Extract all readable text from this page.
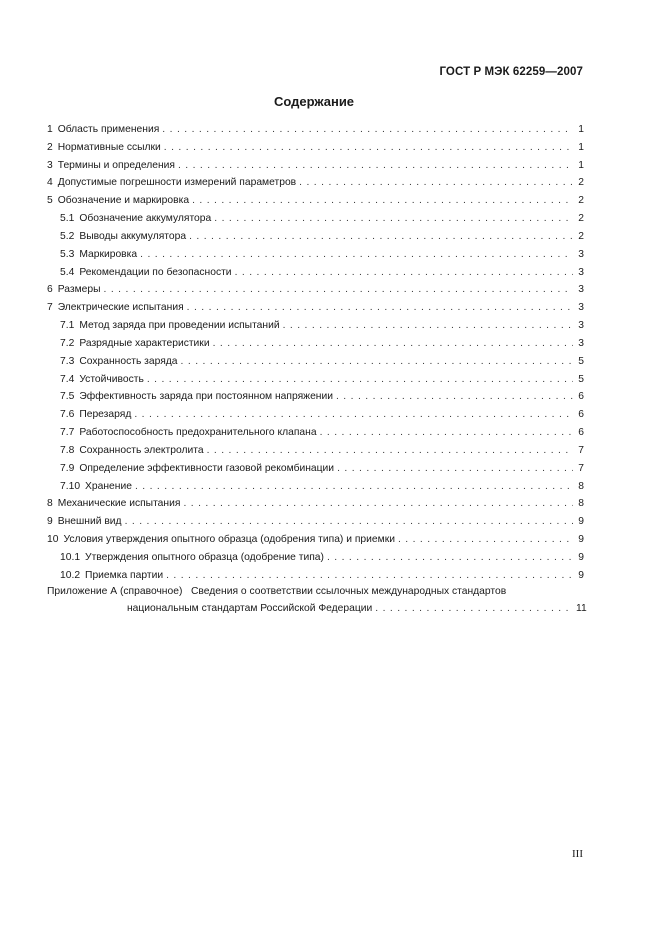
ГОСТ Р МЭК 62259—2007
Содержание
1 Область применения . . .	1
2 Нормативные ссылки . . .	1
3 Термины и определения . . .	1
4 Допустимые погрешности измерений параметров . . .	2
5 Обозначение и маркировка . . .	2
5.1 Обозначение аккумулятора . . .	2
5.2 Выводы аккумулятора . . .	2
5.3 Маркировка . . .	3
5.4 Рекомендации по безопасности . . .	3
6 Размеры . . .	3
7 Электрические испытания . . .	3
7.1 Метод заряда при проведении испытаний . . .	3
7.2 Разрядные характеристики . . .	3
7.3 Сохранность заряда . . .	5
7.4 Устойчивость . . .	5
7.5 Эффективность заряда при постоянном напряжении . . .	6
7.6 Перезаряд . . .	6
7.7 Работоспособность предохранительного клапана . . .	6
7.8 Сохранность электролита . . .	7
7.9 Определение эффективности газовой рекомбинации . . .	7
7.10 Хранение . . .	8
8 Механические испытания . . .	8
9 Внешний вид . . .	9
10 Условия утверждения опытного образца (одобрения типа) и приемки . . .	9
10.1 Утверждения опытного образца (одобрение типа) . . .	9
10.2 Приемка партии . . .	9
Приложение А (справочное) Сведения о соответствии ссылочных международных стандартов
национальным стандартам Российской Федерации . . .	11
III
